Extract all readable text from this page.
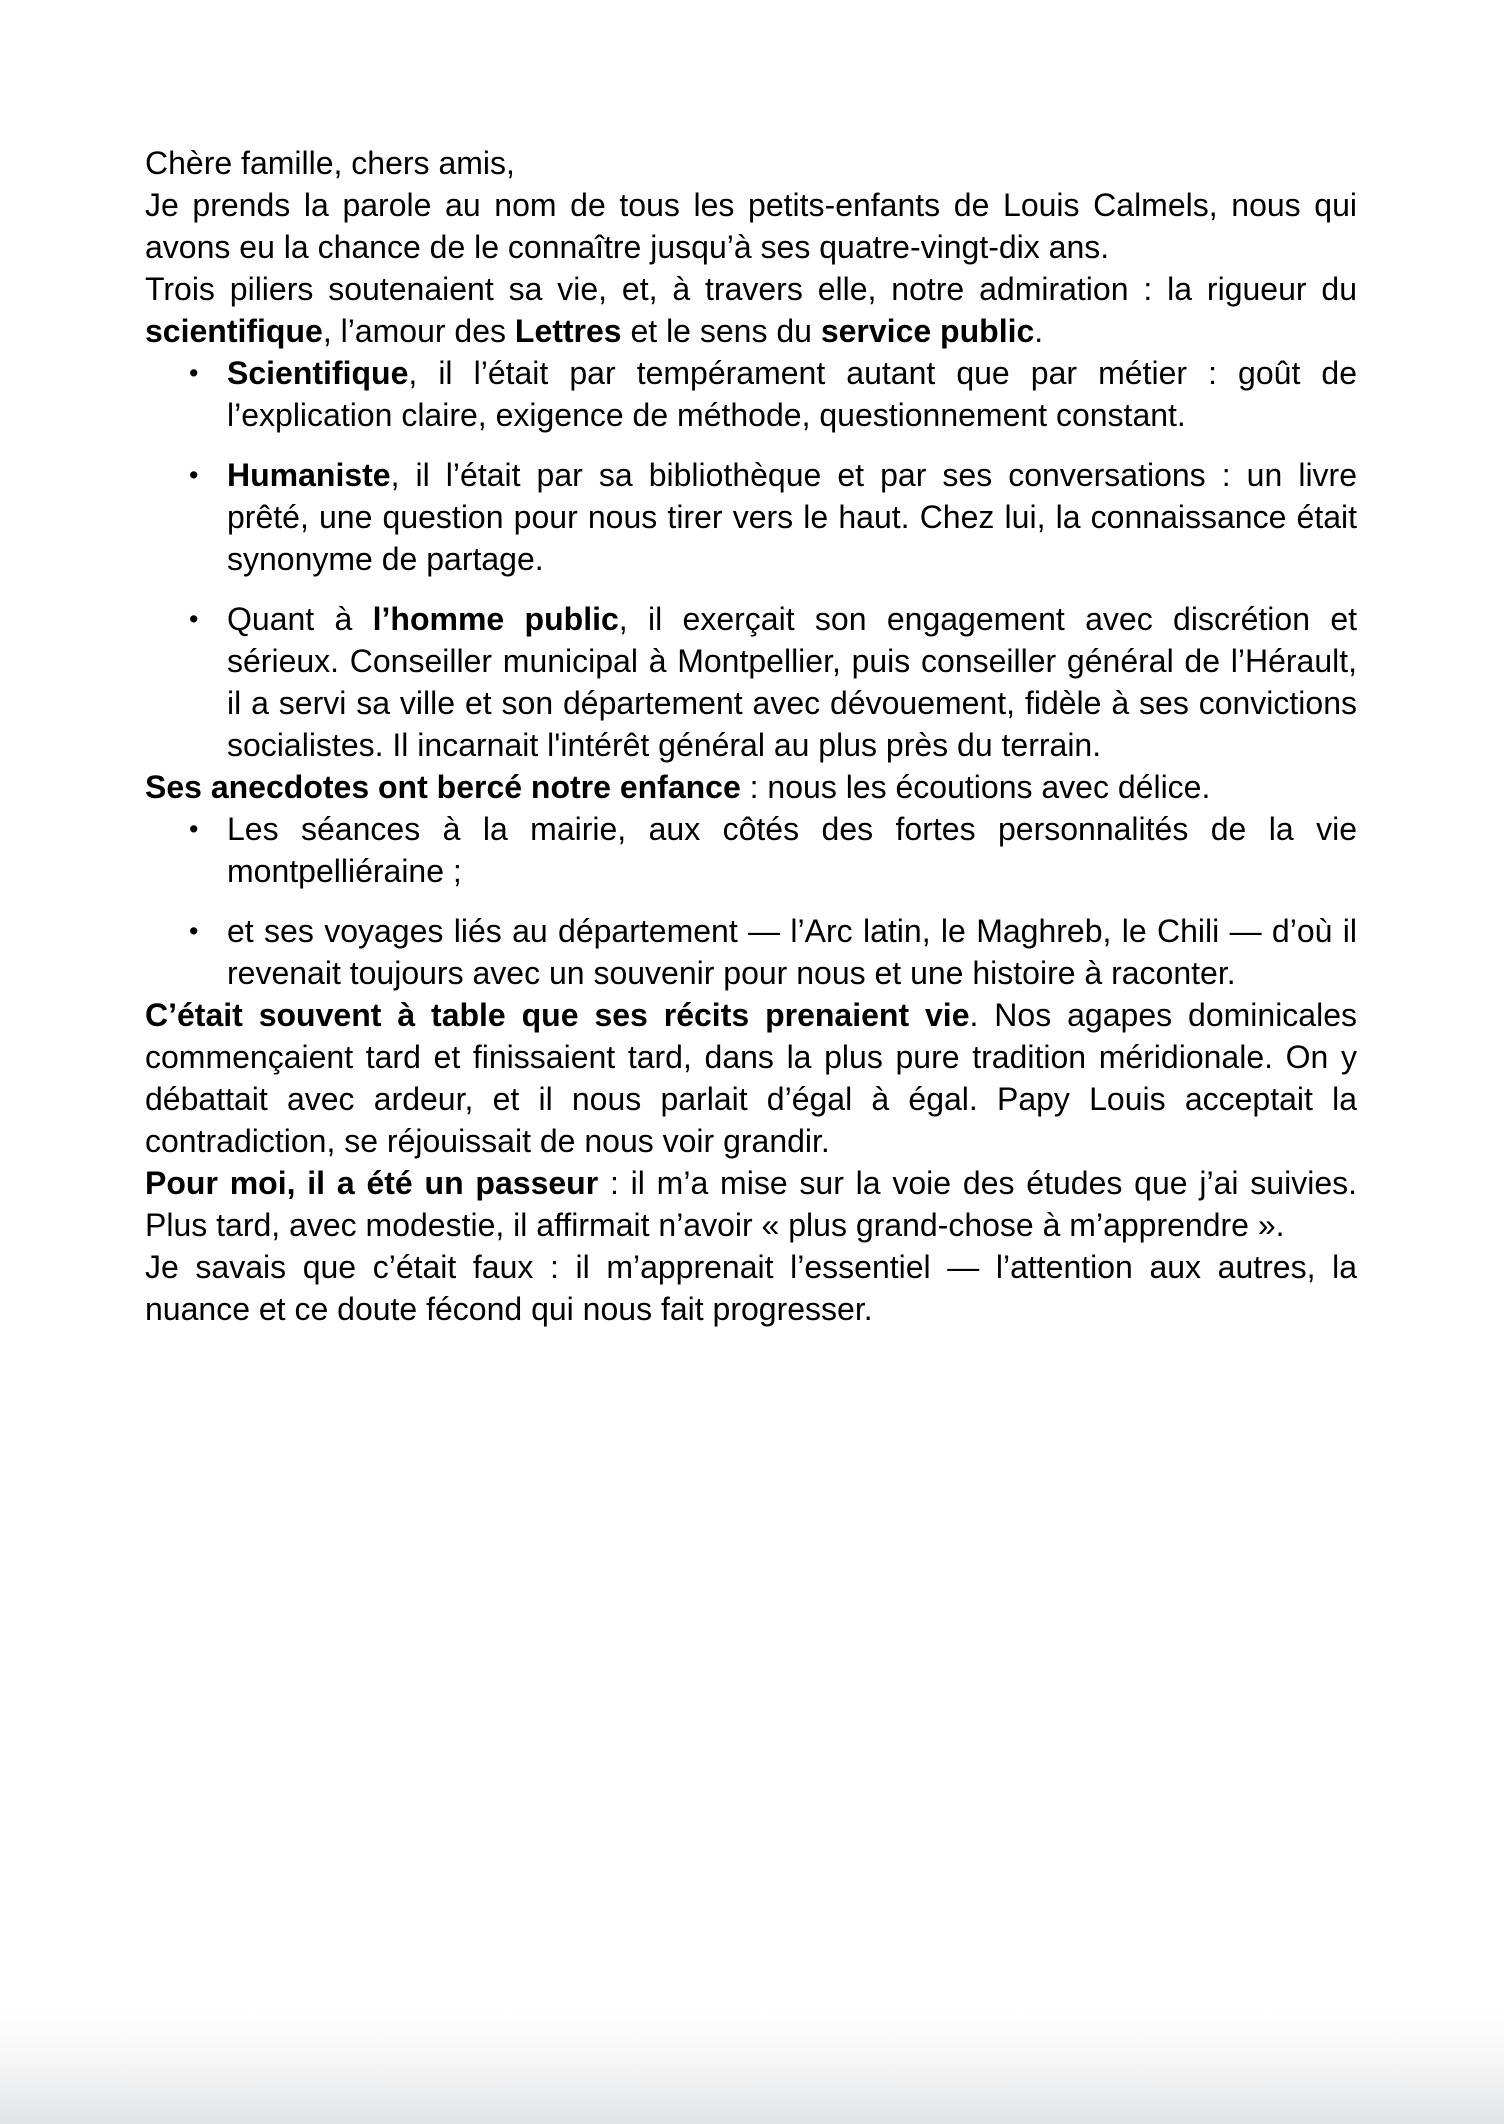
Chère famille, chers amis,

Je prends la parole au nom de tous les petits-enfants de Louis Calmels, nous qui avons eu la chance de le connaître jusqu’à ses quatre-vingt-dix ans.

Trois piliers soutenaient sa vie, et, à travers elle, notre admiration : la rigueur du scientifique, l’amour des Lettres et le sens du service public.

• Scientifique, il l’était par tempérament autant que par métier : goût de l’explication claire, exigence de méthode, questionnement constant.
• Humaniste, il l’était par sa bibliothèque et par ses conversations : un livre prêté, une question pour nous tirer vers le haut. Chez lui, la connaissance était synonyme de partage.
• Quant à l’homme public, il exerçait son engagement avec discrétion et sérieux. Conseiller municipal à Montpellier, puis conseiller général de l’Hérault, il a servi sa ville et son département avec dévouement, fidèle à ses convictions socialistes. Il incarnait l'intérêt général au plus près du terrain.

Ses anecdotes ont bercé notre enfance : nous les écoutions avec délice.

• Les séances à la mairie, aux côtés des fortes personnalités de la vie montpelliéraine ;
• et ses voyages liés au département — l’Arc latin, le Maghreb, le Chili — d’où il revenait toujours avec un souvenir pour nous et une histoire à raconter.

C’était souvent à table que ses récits prenaient vie. Nos agapes dominicales commençaient tard et finissaient tard, dans la plus pure tradition méridionale. On y débattait avec ardeur, et il nous parlait d’égal à égal. Papy Louis acceptait la contradiction, se réjouissait de nous voir grandir.

Pour moi, il a été un passeur : il m’a mise sur la voie des études que j’ai suivies. Plus tard, avec modestie, il affirmait n’avoir « plus grand-chose à m’apprendre ».

Je savais que c’était faux : il m’apprenait l’essentiel — l’attention aux autres, la nuance et ce doute fécond qui nous fait progresser.
